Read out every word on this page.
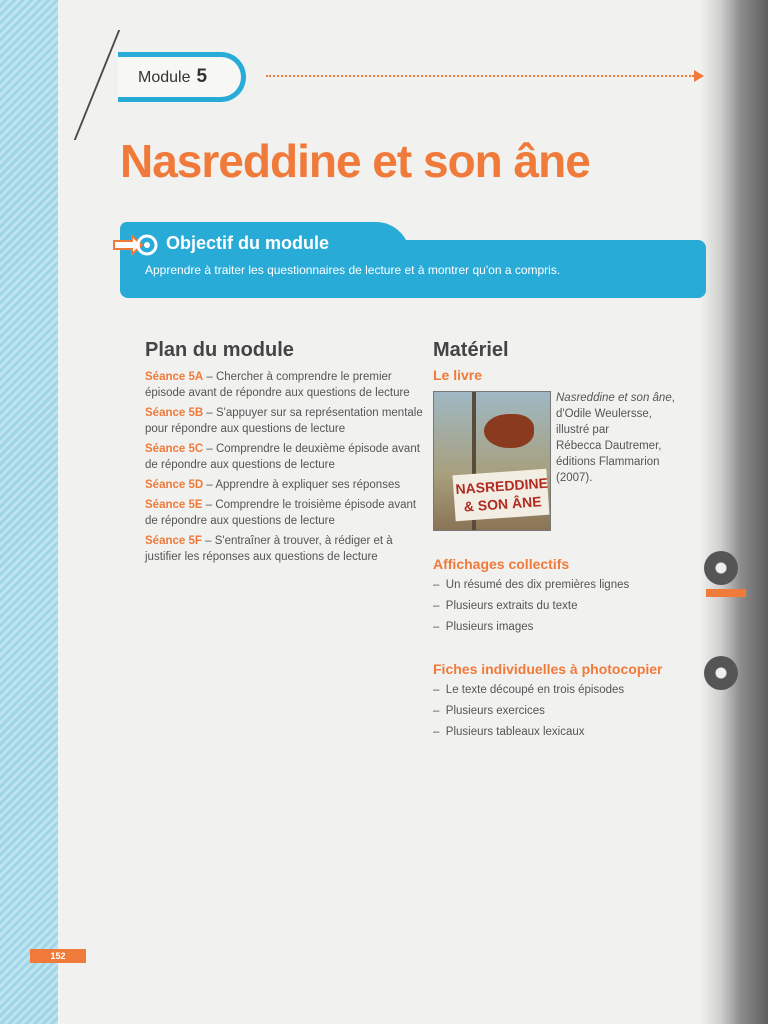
Module 5
Nasreddine et son âne
Objectif du module
Apprendre à traiter les questionnaires de lecture et à montrer qu'on a compris.
Plan du module
Séance 5A – Chercher à comprendre le premier épisode avant de répondre aux questions de lecture
Séance 5B – S'appuyer sur sa représentation mentale pour répondre aux questions de lecture
Séance 5C – Comprendre le deuxième épisode avant de répondre aux questions de lecture
Séance 5D – Apprendre à expliquer ses réponses
Séance 5E – Comprendre le troisième épisode avant de répondre aux questions de lecture
Séance 5F – S'entraîner à trouver, à rédiger et à justifier les réponses aux questions de lecture
Matériel
Le livre
NASREDDINE
& SON ÂNE
Nasreddine et son âne,
d'Odile Weulersse,
illustré par
Rébecca Dautremer,
éditions Flammarion
(2007).
Affichages collectifs
–  Un résumé des dix premières lignes
–  Plusieurs extraits du texte
–  Plusieurs images
Fiches individuelles à photocopier
–  Le texte découpé en trois épisodes
–  Plusieurs exercices
–  Plusieurs tableaux lexicaux
152
